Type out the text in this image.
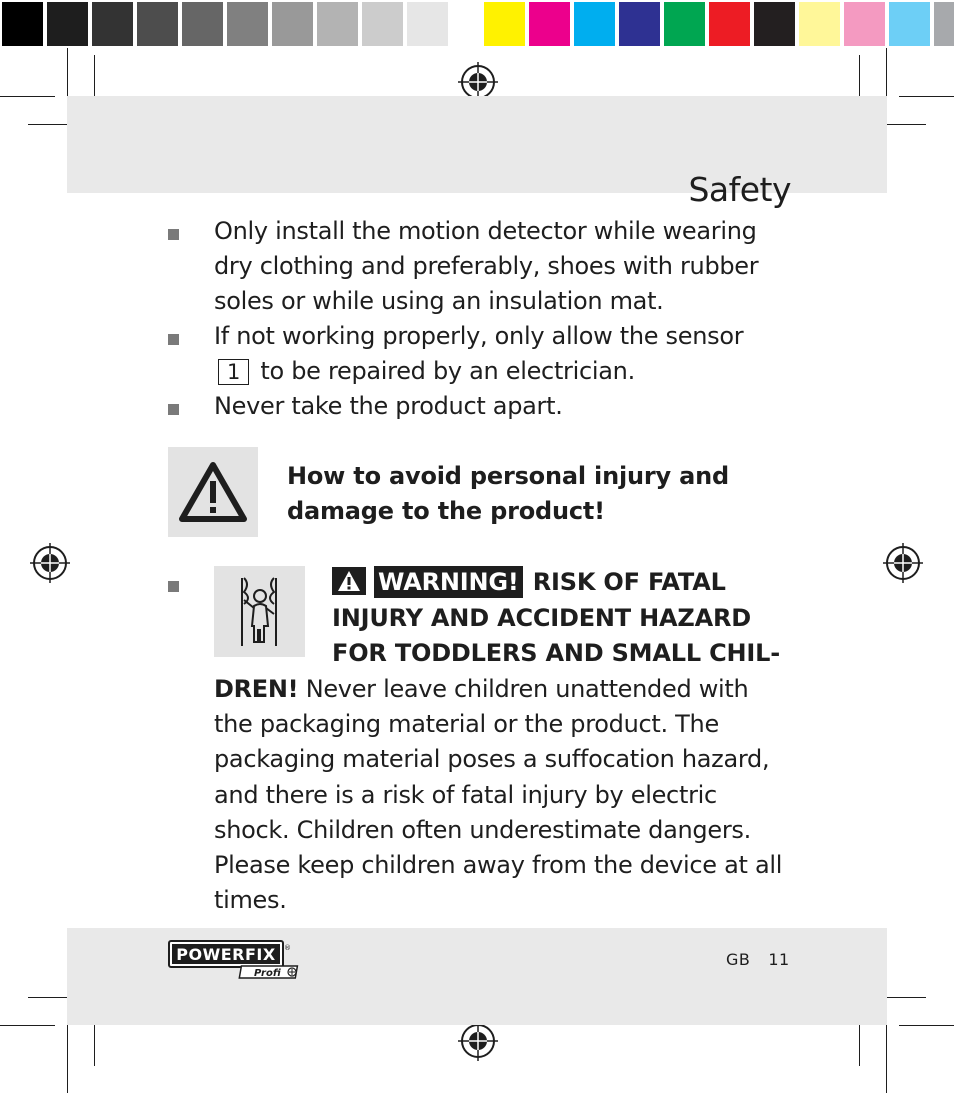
Safety

Only install the motion detector while wearing dry clothing and preferably, shoes with rubber soles or while using an insulation mat.

If not working properly, only allow the sensor 1 to be repaired by an electrician.

Never take the product apart.

How to avoid personal injury and damage to the product!
WARNING! RISK OF FATAL
INJURY AND ACCIDENT HAZARD
FOR TODDLERS AND SMALL CHIL-
DREN! Never leave children unattended with the packaging material or the product. The packaging material poses a suffocation hazard, and there is a risk of fatal injury by electric shock. Children often underestimate dangers. Please keep children away from the device at all times.
POWERFIX ®
Profi
GB 11
